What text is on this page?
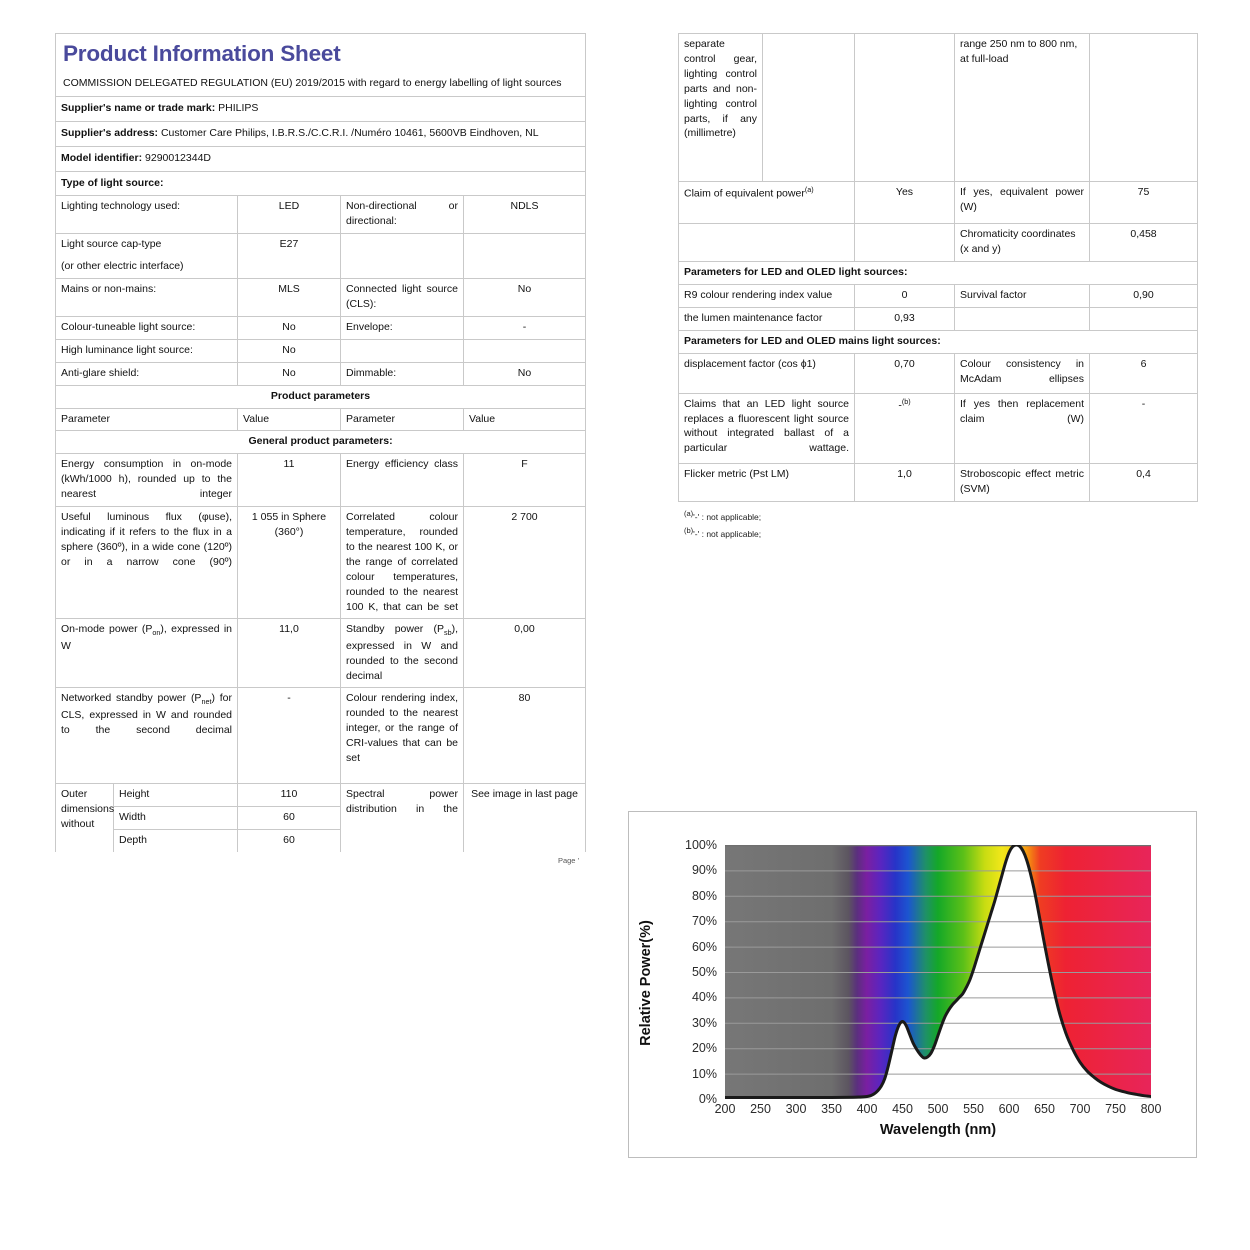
Product Information Sheet				

COMMISSION DELEGATED REGULATION (EU) 2019/2015 with regard to energy labelling of light sources				
Supplier's name or trade mark: PHILIPS				
Supplier's address: Customer Care Philips, I.B.R.S./C.C.R.I. /Numéro 10461, 5600VB Eindhoven, NL				
Model identifier: 9290012344D				
Type of light source:				
Lighting technology used:		LED	Non-directional or directional:	NDLS

Light source cap-type
(or other electric interface)		E27		
Mains or non-mains:		MLS	Connected light source (CLS):	No
Colour-tuneable light source:		No	Envelope:	-
High luminance light source:		No		
Anti-glare shield:		No	Dimmable:	No
Product parameters				
Parameter		Value	Parameter	Value
General product parameters:				
Energy consumption in on-mode (kWh/1000 h), rounded up to the nearest integer		11	Energy efficiency class	F
Useful luminous flux (φuse), indicating if it refers to the flux in a sphere (360º), in a wide cone (120º) or in a narrow cone (90º)		1 055 in Sphere (360°)	Correlated colour temperature, rounded to the nearest 100 K, or the range of correlated colour temperatures, rounded to the nearest 100 K, that can be set	2 700
On-mode power $(P_{on})$, expressed in W		11,0	Standby power $(P_{sb})$, expressed in W and rounded to the second decimal	0,00
Networked standby power $(P_{net})$ for CLS, expressed in W and rounded to the second decimal		-	Colour rendering index, rounded to the nearest integer, or the range of CRI-values that can be set	80
Outer dimensions without	Height	110	Spectral power distribution in the	See image in last page
	Width	60		
	Depth	60		
Page '
separate control gear, lighting control parts and non-lighting control parts, if any (millimetre)			range 250 nm to 800 nm, at full-load	
Claim of equivalent power$^{(a)}$		Yes	If yes, equivalent power (W)	75
			Chromaticity coordinates (x and y)	0,458
Parameters for LED and OLED light sources:				
R9 colour rendering index value		0	Survival factor	0,90
the lumen maintenance factor		0,93		
Parameters for LED and OLED mains light sources:				
displacement factor (cos ϕ1)		0,70	Colour consistency in McAdam ellipses	6
Claims that an LED light source replaces a fluorescent light source without integrated ballast of a particular wattage.		-$^{(b)}$	If yes then replacement claim (W)	-
Flicker metric (Pst LM)		1,0	Stroboscopic effect metric (SVM)	0,4
$^{(a)}$'-' : not applicable;
$^{(b)}$'-' : not applicable;
Relative Power(%)
0%
10%
20%
30%
40%
50%
60%
70%
80%
90%
100%
200 250 300 350 400 450 500 550 600 650 700 750 800
Wavelength (nm)
